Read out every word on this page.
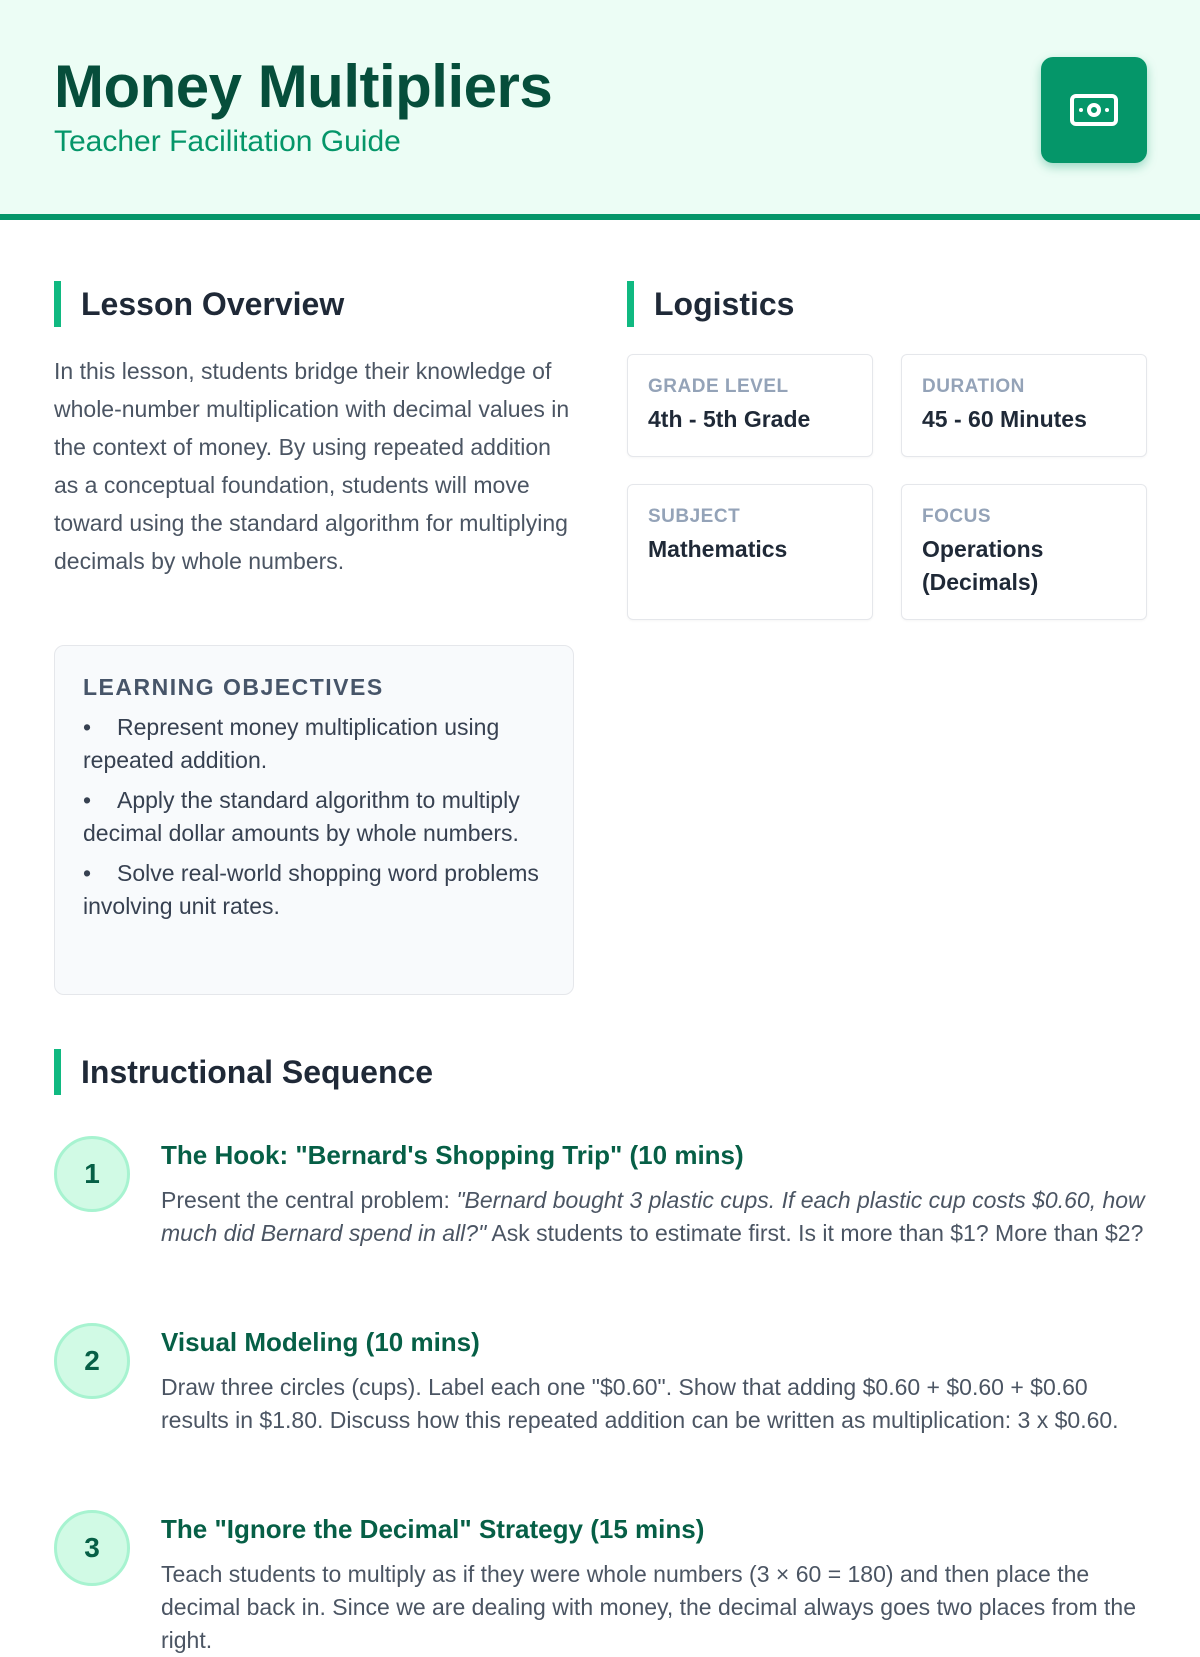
Money Multipliers
Teacher Facilitation Guide
Lesson Overview

In this lesson, students bridge their knowledge of whole-number multiplication with decimal values in the context of money. By using repeated addition as a conceptual foundation, students will move toward using the standard algorithm for multiplying decimals by whole numbers.

LEARNING OBJECTIVES
• Represent money multiplication using repeated addition.
• Apply the standard algorithm to multiply decimal dollar amounts by whole numbers.
• Solve real-world shopping word problems involving unit rates.
Logistics
GRADE LEVEL
4th - 5th Grade
DURATION
45 - 60 Minutes
SUBJECT
Mathematics
FOCUS
Operations (Decimals)
Instructional Sequence
1
The Hook: "Bernard's Shopping Trip" (10 mins)

Present the central problem: "Bernard bought 3 plastic cups. If each plastic cup costs $0.60, how much did Bernard spend in all?" Ask students to estimate first. Is it more than $1? More than $2?

2
Visual Modeling (10 mins)

Draw three circles (cups). Label each one "$0.60". Show that adding $0.60 + $0.60 + $0.60 results in $1.80. Discuss how this repeated addition can be written as multiplication: 3 x $0.60.

3
The "Ignore the Decimal" Strategy (15 mins)

Teach students to multiply as if they were whole numbers (3 × 60 = 180) and then place the decimal back in. Since we are dealing with money, the decimal always goes two places from the right.
